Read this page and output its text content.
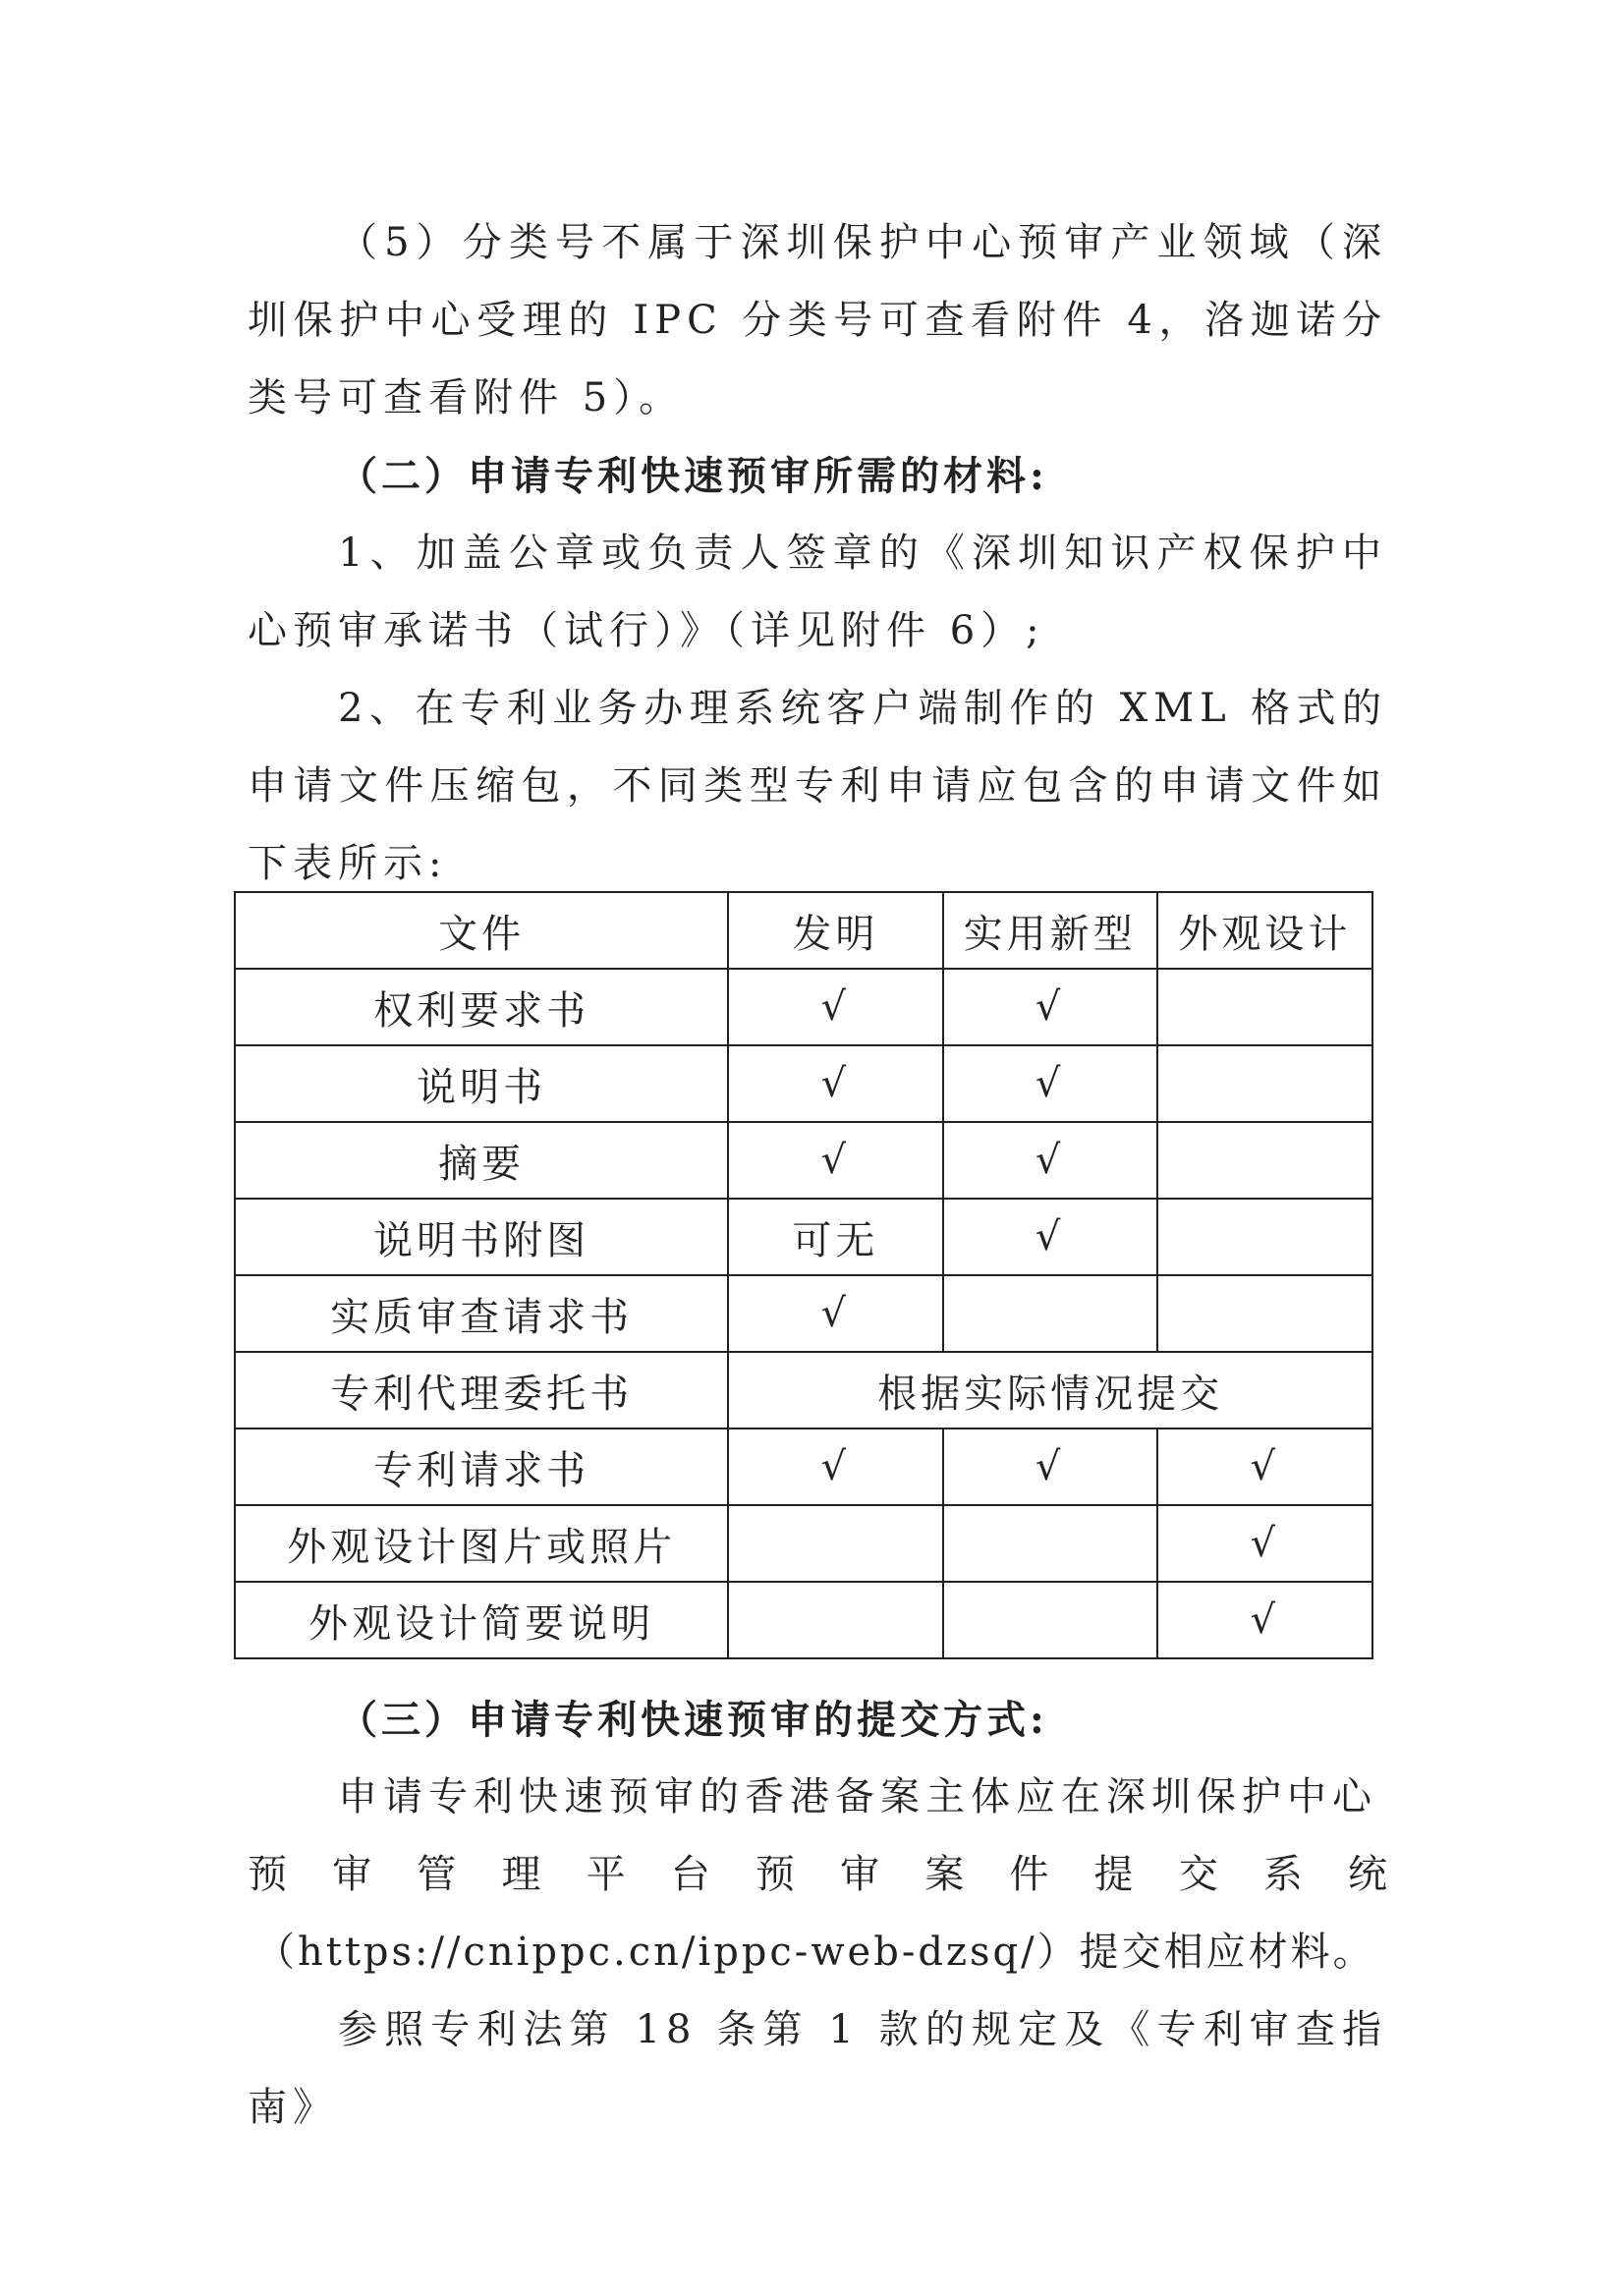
（5）分类号不属于深圳保护中心预审产业领域（深圳保护中心受理的 IPC 分类号可查看附件 4，洛迦诺分类号可查看附件 5）。

（二）申请专利快速预审所需的材料:

1、加盖公章或负责人签章的《深圳知识产权保护中心预审承诺书（试行）》（详见附件 6）;

2、在专利业务办理系统客户端制作的 XML 格式的申请文件压缩包，不同类型专利申请应包含的申请文件如下表所示:

文件	发明	实用新型	外观设计
权利要求书	√	√	
说明书	√	√	
摘要	√	√	
说明书附图	可无	√	
实质审查请求书	√		
专利代理委托书	根据实际情况提交		
专利请求书	√	√	√
外观设计图片或照片			√
外观设计简要说明			√

（三）申请专利快速预审的提交方式:

申请专利快速预审的香港备案主体应在深圳保护中心

预审管理平台预审案件提交系统

（https://cnippc.cn/ippc-web-dzsq/）提交相应材料。

参照专利法第 18 条第 1 款的规定及《专利审查指南》
